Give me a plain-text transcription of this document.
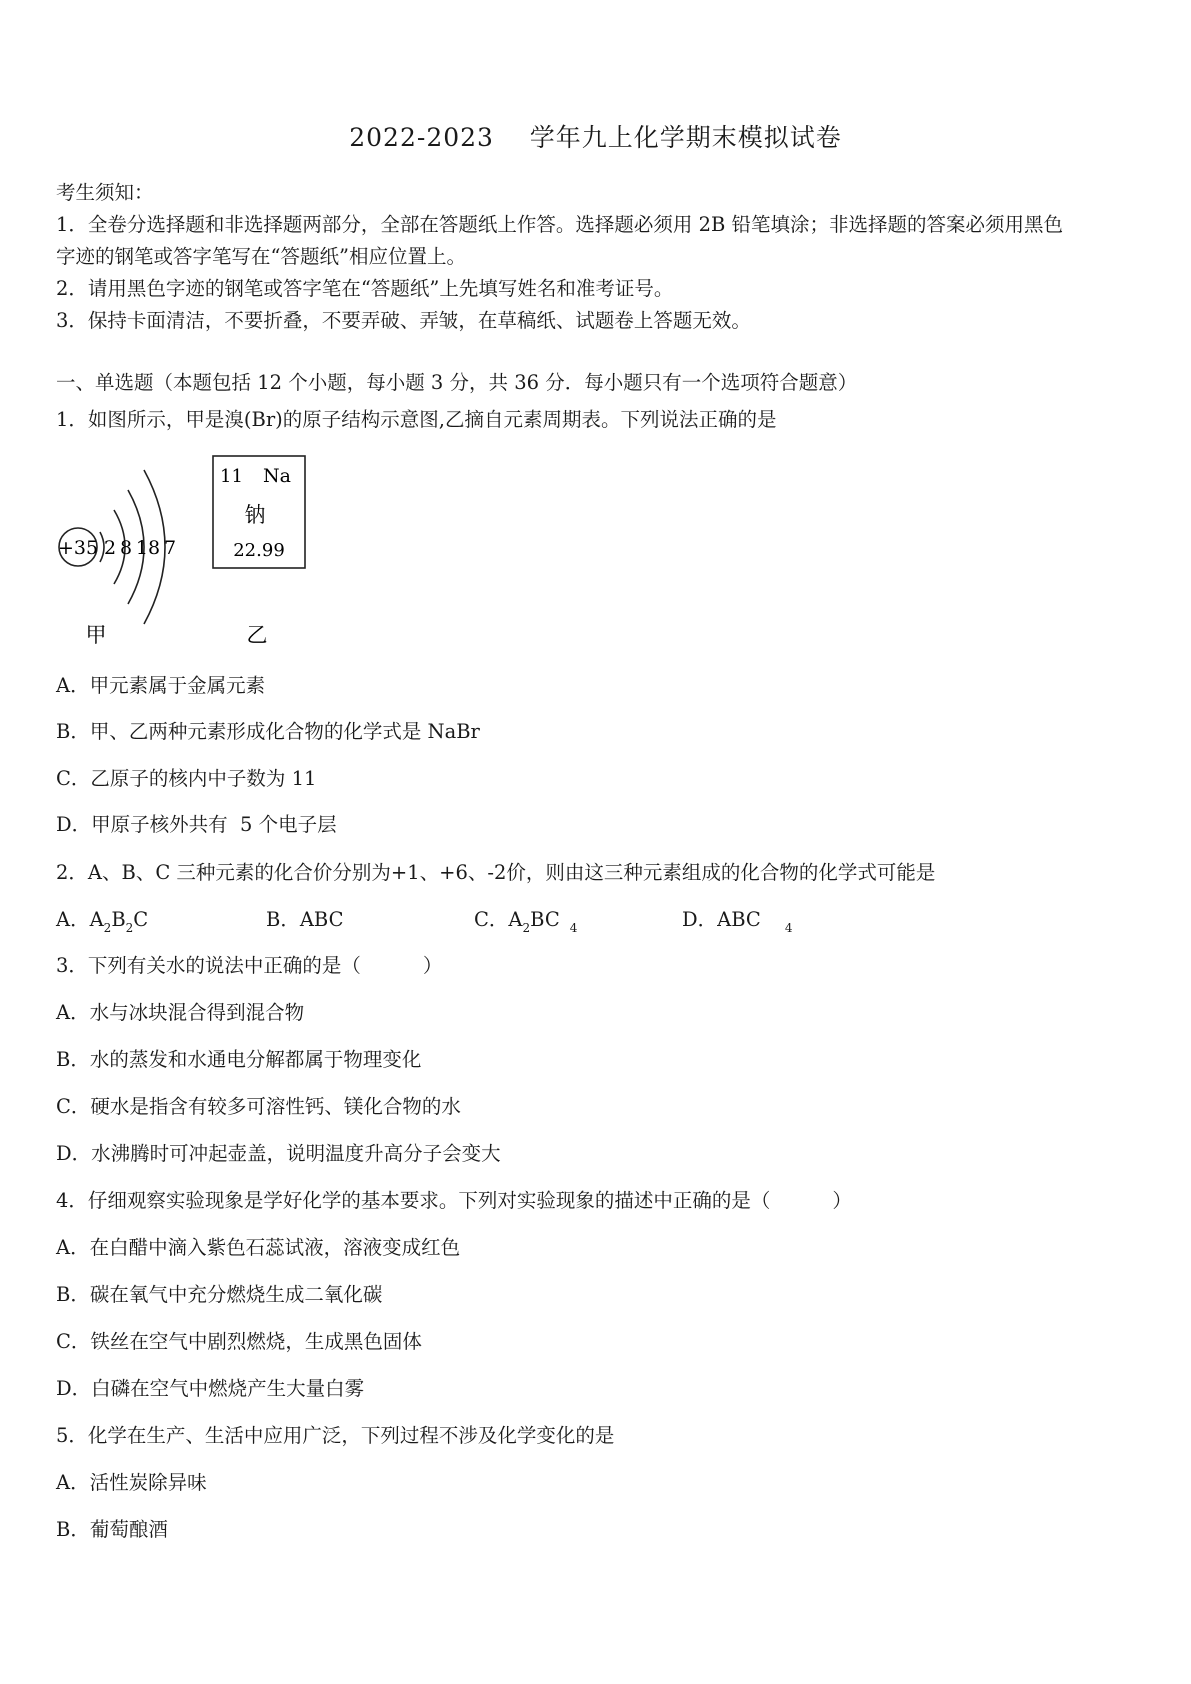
2022-2023    学年九上化学期末模拟试卷
考生须知：
1．全卷分选择题和非选择题两部分，全部在答题纸上作答。选择题必须用 2B 铅笔填涂；非选择题的答案必须用黑色
字迹的钢笔或答字笔写在“答题纸”相应位置上。
2．请用黑色字迹的钢笔或答字笔在“答题纸”上先填写姓名和准考证号。
3．保持卡面清洁，不要折叠，不要弄破、弄皱，在草稿纸、试题卷上答题无效。
一、单选题（本题包括 12 个小题，每小题 3 分，共 36 分．每小题只有一个选项符合题意）
1．如图所示，甲是溴(Br)的原子结构示意图,乙摘自元素周期表。下列说法正确的是
+35 2 8 18 7
11 Na
钠
22.99
甲	乙
A．甲元素属于金属元素
B．甲、乙两种元素形成化合物的化学式是 NaBr
C．乙原子的核内中子数为 11
D．甲原子核外共有  5 个电子层
2．A、B、C 三种元素的化合价分别为+1、+6、-2价，则由这三种元素组成的化合物的化学式可能是
A．$A_2B_2C$	B．ABC	C．$A_2BC$ $_4$	D．ABC $_4$
3．下列有关水的说法中正确的是（          ）
A．水与冰块混合得到混合物
B．水的蒸发和水通电分解都属于物理变化
C．硬水是指含有较多可溶性钙、镁化合物的水
D．水沸腾时可冲起壶盖，说明温度升高分子会变大
4．仔细观察实验现象是学好化学的基本要求。下列对实验现象的描述中正确的是（          ）
A．在白醋中滴入紫色石蕊试液，溶液变成红色
B．碳在氧气中充分燃烧生成二氧化碳
C．铁丝在空气中剧烈燃烧，生成黑色固体
D．白磷在空气中燃烧产生大量白雾
5．化学在生产、生活中应用广泛，下列过程不涉及化学变化的是
A．活性炭除异味
B．葡萄酿酒
